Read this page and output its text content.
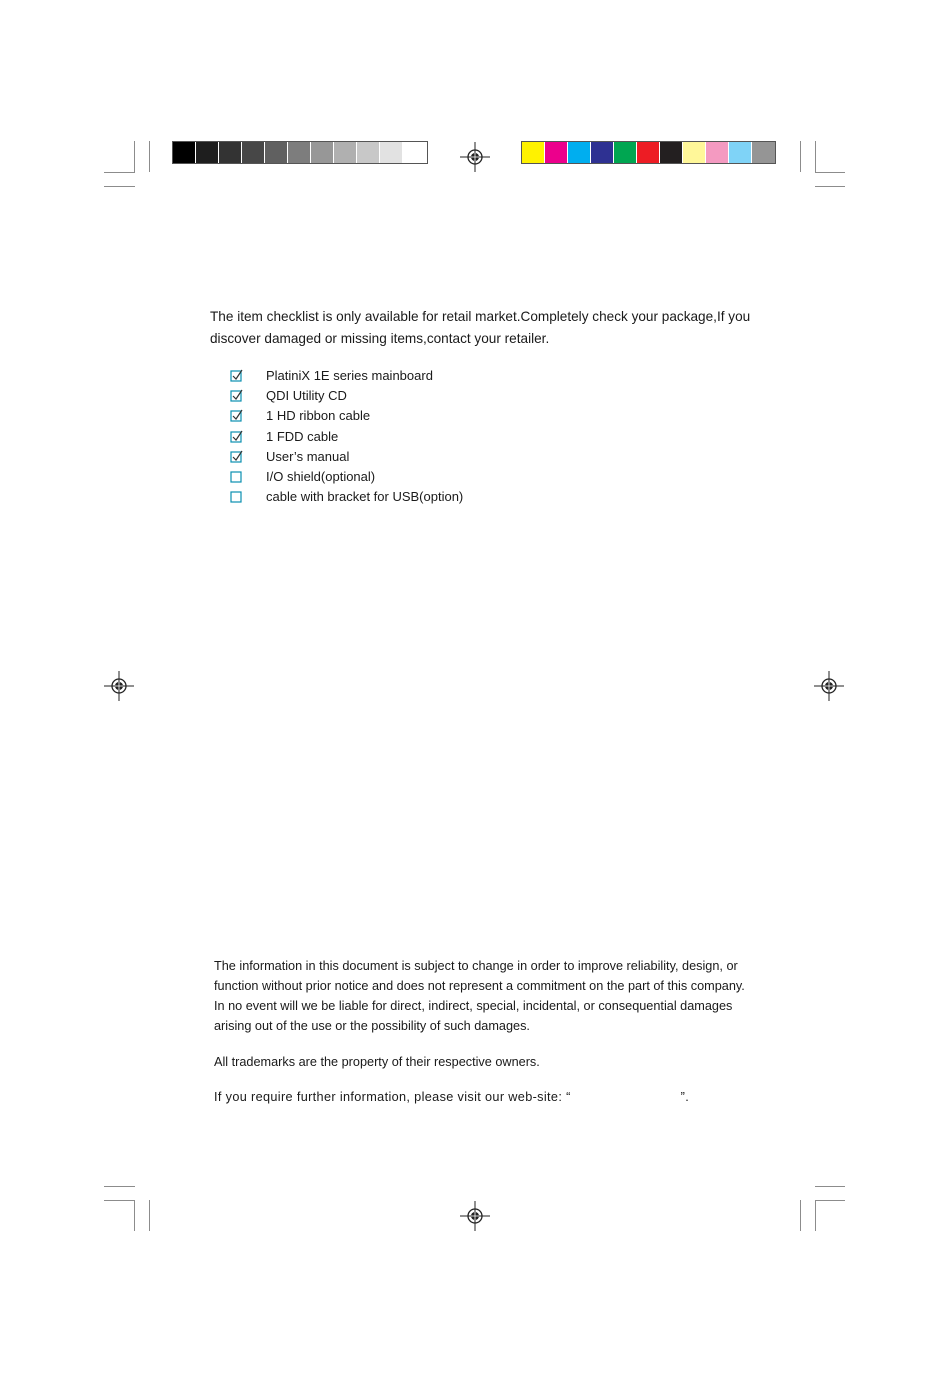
The item checklist is only available for retail market.Completely check your package,If you
discover damaged or missing items,contact your retailer.
PlatiniX 1E series mainboard
QDI Utility CD
1 HD ribbon cable
1 FDD cable
User’s manual
I/O shield(optional)
cable with bracket for USB(option)

The information in this document is subject to change in order to improve reliability, design, or

function without prior notice and does not represent a commitment on the part of this company.

In no event will we be liable for direct, indirect, special, incidental, or consequential damages

arising out of the use or the possibility of such damages.

All trademarks are the property of their respective owners.

If you require further information, please visit our web-site: “	”.
